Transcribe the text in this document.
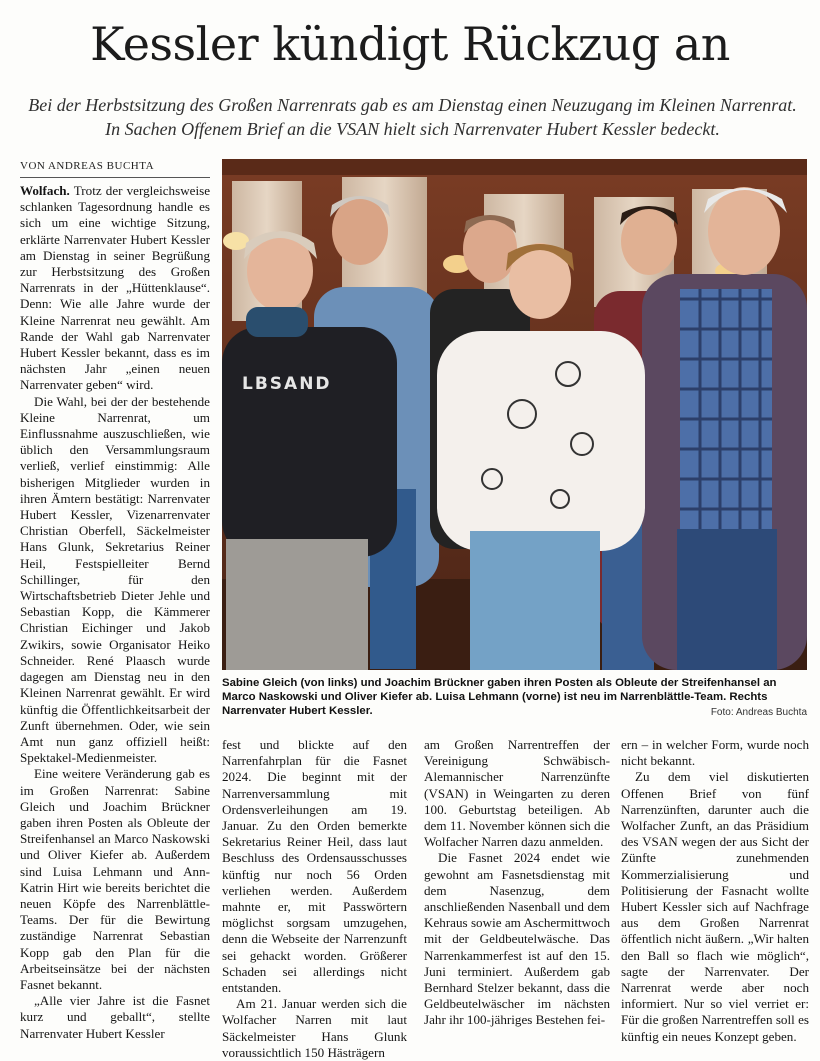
Kessler kündigt Rückzug an
Bei der Herbstsitzung des Großen Narrenrats gab es am Dienstag einen Neuzugang im Kleinen Narrenrat. In Sachen Offenem Brief an die VSAN hielt sich Narrenvater Hubert Kessler bedeckt.
VON ANDREAS BUCHTA

Wolfach. Trotz der vergleichsweise schlanken Tagesordnung handle es sich um eine wichtige Sitzung, erklärte Narrenvater Hubert Kessler am Dienstag in seiner Begrüßung zur Herbstsitzung des Großen Narrenrats in der „Hüttenklause“. Denn: Wie alle Jahre wurde der Kleine Narrenrat neu gewählt. Am Rande der Wahl gab Narrenvater Hubert Kessler bekannt, dass es im nächsten Jahr „einen neuen Narrenvater geben“ wird.

Die Wahl, bei der der bestehende Kleine Narrenrat, um Einflussnahme auszuschließen, wie üblich den Versammlungsraum verließ, verlief einstimmig: Alle bisherigen Mitglieder wurden in ihren Ämtern bestätigt: Narrenvater Hubert Kessler, Vizenarrenvater Christian Oberfell, Säckelmeister Hans Glunk, Sekretarius Reiner Heil, Festspielleiter Bernd Schillinger, für den Wirtschaftsbetrieb Dieter Jehle und Sebastian Kopp, die Kämmerer Christian Eichinger und Jakob Zwikirs, sowie Organisator Heiko Schneider. René Plaasch wurde dagegen am Dienstag neu in den Kleinen Narrenrat gewählt. Er wird künftig die Öffentlichkeitsarbeit der Zunft übernehmen. Oder, wie sein Amt nun ganz offiziell heißt: Spektakel-Medienmeister.

Eine weitere Veränderung gab es im Großen Narrenrat: Sabine Gleich und Joachim Brückner gaben ihren Posten als Obleute der Streifenhansel an Marco Naskowski und Oliver Kiefer ab. Außerdem sind Luisa Lehmann und Ann-Katrin Hirt wie bereits berichtet die neuen Köpfe des Narrenblättle-Teams. Der für die Bewirtung zuständige Narrenrat Sebastian Kopp gab den Plan für die Arbeitseinsätze bei der nächsten Fasnet bekannt.

„Alle vier Jahre ist die Fasnet kurz und geballt“, stellte Narrenvater Hubert Kessler

LBSAND
Sabine Gleich (von links) und Joachim Brückner gaben ihren Posten als Obleute der Streifenhansel an Marco Naskowski und Oliver Kiefer ab. Luisa Lehmann (vorne) ist neu im Narrenblättle-Team. Rechts Narrenvater Hubert Kessler.	Foto: Andreas Buchta

fest und blickte auf den Narrenfahrplan für die Fasnet 2024. Die beginnt mit der Narrenversammlung mit Ordensverleihungen am 19. Januar. Zu den Orden bemerkte Sekretarius Reiner Heil, dass laut Beschluss des Ordensausschusses künftig nur noch 56 Orden verliehen werden. Außerdem mahnte er, mit Passwörtern möglichst sorgsam umzugehen, denn die Webseite der Narrenzunft sei gehackt worden. Größerer Schaden sei allerdings nicht entstanden.

Am 21. Januar werden sich die Wolfacher Narren mit laut Säckelmeister Hans Glunk voraussichtlich 150 Hästrägern

am Großen Narrentreffen der Vereinigung Schwäbisch-Alemannischer Narrenzünfte (VSAN) in Weingarten zu deren 100. Geburtstag beteiligen. Ab dem 11. November können sich die Wolfacher Narren dazu anmelden.

Die Fasnet 2024 endet wie gewohnt am Fasnetsdienstag mit dem Nasenzug, dem anschließenden Nasenball und dem Kehraus sowie am Aschermittwoch mit der Geldbeutelwäsche. Das Narrenkammerfest ist auf den 15. Juni terminiert. Außerdem gab Bernhard Stelzer bekannt, dass die Geldbeutelwäscher im nächsten Jahr ihr 100-jähriges Bestehen fei-

ern – in welcher Form, wurde noch nicht bekannt.

Zu dem viel diskutierten Offenen Brief von fünf Narrenzünften, darunter auch die Wolfacher Zunft, an das Präsidium des VSAN wegen der aus Sicht der Zünfte zunehmenden Kommerzialisierung und Politisierung der Fasnacht wollte Hubert Kessler sich auf Nachfrage aus dem Großen Narrenrat öffentlich nicht äußern. „Wir halten den Ball so flach wie möglich“, sagte der Narrenvater. Der Narrenrat werde aber noch informiert. Nur so viel verriet er: Für die großen Narrentreffen soll es künftig ein neues Konzept geben.
